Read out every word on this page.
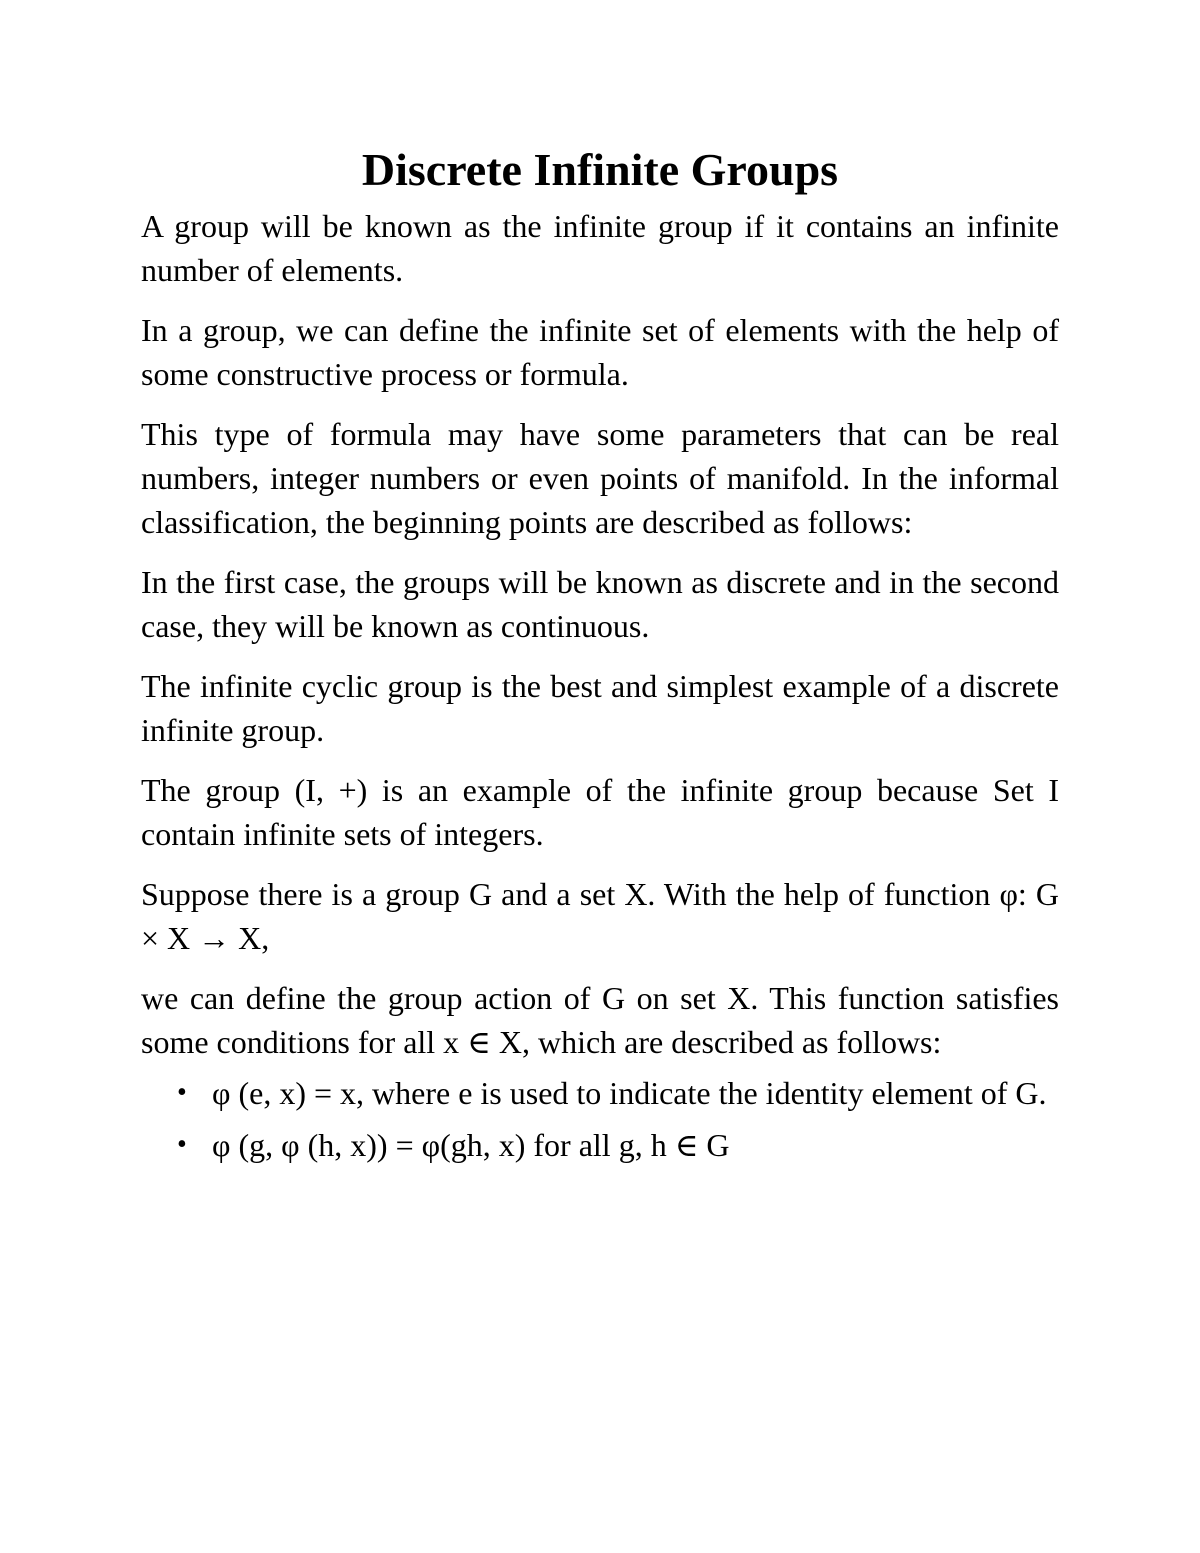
Discrete Infinite Groups

A group will be known as the infinite group if it contains an infinite number of elements.

In a group, we can define the infinite set of elements with the help of some constructive process or formula.

This type of formula may have some parameters that can be real numbers, integer numbers or even points of manifold. In the informal classification, the beginning points are described as follows:

In the first case, the groups will be known as discrete and in the second case, they will be known as continuous.

The infinite cyclic group is the best and simplest example of a discrete infinite group.

The group (I, +) is an example of the infinite group because Set I contain infinite sets of integers.

Suppose there is a group G and a set X. With the help of function φ: G × X → X,

we can define the group action of G on set X. This function satisfies some conditions for all x ∈ X, which are described as follows:

• φ (e, x) = x, where e is used to indicate the identity element of G.
• φ (g, φ (h, x)) = φ(gh, x) for all g, h ∈ G
